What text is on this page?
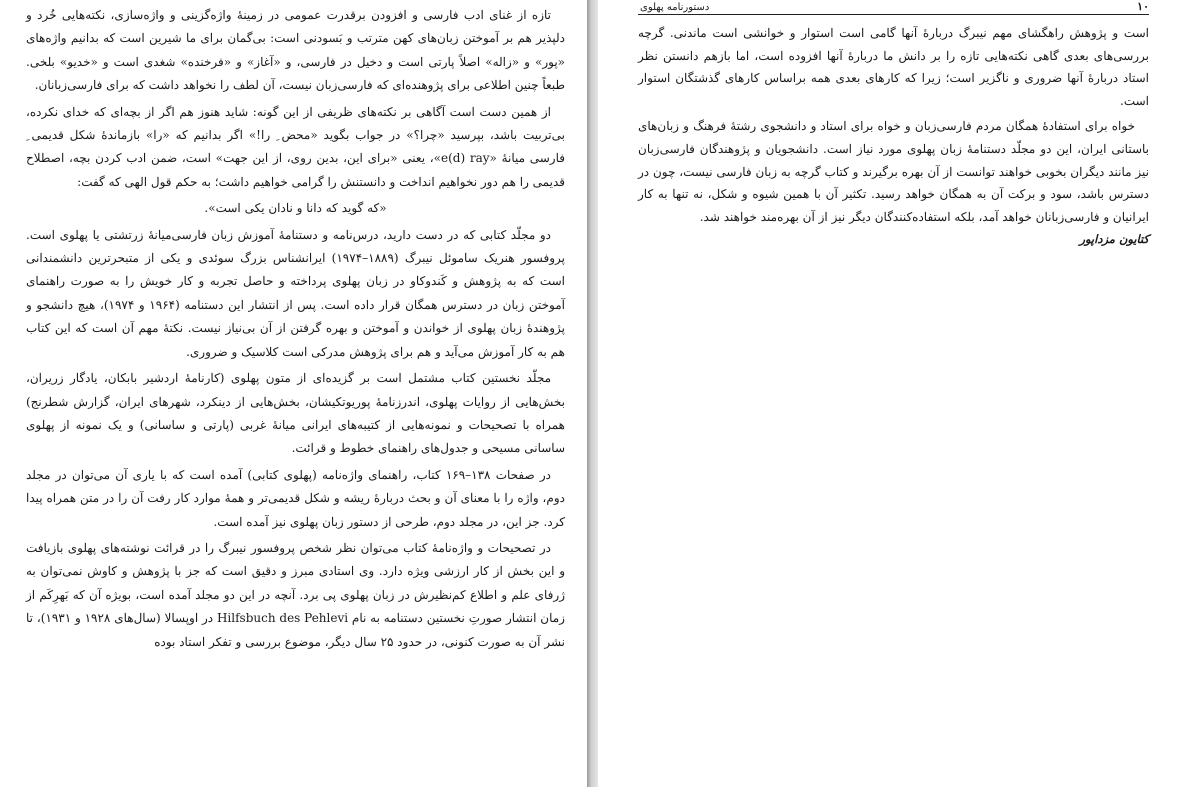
تازه از غنای ادب فارسی و افزودن برقدرت عمومی در زمینهٔ واژه‌گزینی و واژه‌سازی، نکته‌هایی خُرد و دلپذیر هم بر آموختن زبان‌های کهن مترتب و بَسودنی است: بی‌گمان برای ما شیرین است که بدانیم واژه‌های «پور» و «زاله» اصلاً پارتی است و دخیل در فارسی، و «آغاز» و «فرخنده» شغدی است و «خدیو» بلخی. طبعاً چنین اطلاعی برای پژوهنده‌ای که فارسی‌زبان نیست، آن لطف را نخواهد داشت که برای فارسی‌زبانان.

از همین دست است آگاهی بر نکته‌های ظریفی از این گونه: شاید هنوز هم اگر از بچه‌ای که خدای نکرده، بی‌تربیت باشد، بپرسید «چرا؟» در جواب بگوید «محض ِ را!» اگر بدانیم که «را» بازماندهٔ شکل قدیمی ِ فارسی میانهٔ «e(d) ray»، یعنی «برای این، بدین روی، از این جهت» است، ضمن ادب کردن بچه، اصطلاح قدیمی را هم دور نخواهیم انداخت و دانستنش را گرامی خواهیم داشت؛ به حکم قول الهی که گفت:

«که گوید که دانا و نادان یکی است».

دو مجلّد کتابی که در دست دارید، درس‌نامه و دستنامهٔ آموزش زبان فارسی‌میانهٔ زرتشتی یا پهلوی است. پروفسور هنریک ساموئل نیبرگ (۱۸۸۹–۱۹۷۴) ایرانشناس بزرگ سوئدی و یکی از متبحرترین دانشمندانی است که به پژوهش و کَندوکاو در زبان پهلوی پرداخته و حاصل تجربه و کار خویش را به صورت راهنمای آموختن زبان در دسترس همگان قرار داده است. پس از انتشار این دستنامه (۱۹۶۴ و ۱۹۷۴)، هیچ دانشجو و پژوهندهٔ زبان پهلوی از خواندن و آموختن و بهره گرفتن از آن بی‌نیاز نیست. نکتهٔ مهم آن است که این کتاب هم به کار آموزش می‌آید و هم برای پژوهش مدرکی است کلاسیک و ضروری.

مجلّد نخستین کتاب مشتمل است بر گزیده‌ای از متون پهلوی (کارنامهٔ اردشیر بابکان، یادگار زریران، بخش‌هایی از روایات پهلوی، اندرزنامهٔ پوریوتکیشان، بخش‌هایی از دینکرد، شهرهای ایران، گزارش شطرنج) همراه با تصحیحات و نمونه‌هایی از کتیبه‌های ایرانی میانهٔ غربی (پارتی و ساسانی) و یک نمونه از پهلوی ساسانی مسیحی و جدول‌های راهنمای خطوط و قرائت.

در صفحات ۱۳۸–۱۶۹ کتاب، راهنمای واژه‌نامه (پهلوی کتابی) آمده است که با یاری آن می‌توان در مجلد دوم، واژه را با معنای آن و بحث دربارهٔ ریشه و شکل قدیمی‌تر و همهٔ موارد کار رفت آن را در متن همراه پیدا کرد. جز این، در مجلد دوم، طرحی از دستور زبان پهلوی نیز آمده است.

در تصحیحات و واژه‌نامهٔ کتاب می‌توان نظر شخص پروفسور نیبرگ را در قرائت نوشته‌های پهلوی بازیافت و این بخش از کار ارزشی ویژه دارد. وی استادی مبرز و دقیق است که جز با پژوهش و کاوش نمی‌توان به ژرفای علم و اطلاع کم‌نظیرش در زبان پهلوی پی برد. آنچه در این دو مجلد آمده است، بویژه آن که بَهرِکَم از زمان انتشار صورتِ نخستین دستنامه به نام Hilfsbuch des Pehlevi در اوپسالا (سال‌های ۱۹۲۸ و ۱۹۳۱)، تا نشر آن به صورت کنونی، در حدود ۲۵ سال دیگر، موضوع بررسی و تفکر استاد بوده

۱۰
دستورنامه پهلوی

است و پژوهش راهگشای مهم نیبرگ دربارهٔ آنها گامی است استوار و خوانشی است ماندنی. گرچه بررسی‌های بعدی گاهی نکته‌هایی تازه را بر دانش ما دربارهٔ آنها افزوده است، اما بازهم دانستن نظر استاد دربارهٔ آنها ضروری و ناگزیر است؛ زیرا که کارهای بعدی همه براساس کارهای گذشتگان استوار است.

خواه برای استفادهٔ همگان مردم فارسی‌زبان و خواه برای استاد و دانشجوی رشتهٔ فرهنگ و زبان‌های باستانی ایران، این دو مجلّد دستنامهٔ زبان پهلوی مورد نیاز است. دانشجویان و پژوهندگان فارسی‌زبان نیز مانند دیگران بخوبی خواهند توانست از آن بهره برگیرند و کتاب گرچه به زبان فارسی نیست، چون در دسترس باشد، سود و برکت آن به همگان خواهد رسید. تکثیر آن با همین شیوه و شکل، نه تنها به کار ایرانیان و فارسی‌زبانان خواهد آمد، بلکه استفاده‌کنندگان دیگر نیز از آن بهره‌مند خواهند شد.

کتایون مزداپور
